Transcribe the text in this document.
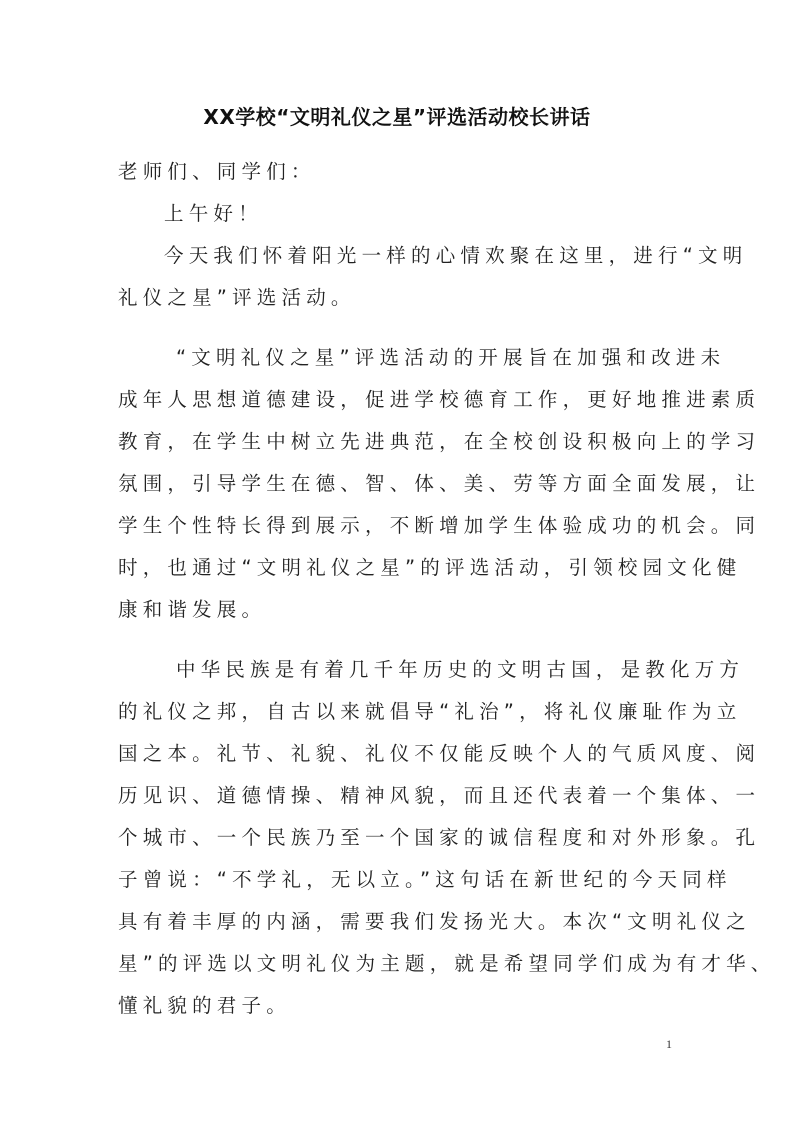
XX学校“文明礼仪之星”评选活动校长讲话
老师们、同学们：
上午好！
今天我们怀着阳光一样的心情欢聚在这里，进行“文明
礼仪之星”评选活动。
“文明礼仪之星”评选活动的开展旨在加强和改进未
成年人思想道德建设，促进学校德育工作，更好地推进素质
教育，在学生中树立先进典范，在全校创设积极向上的学习
氛围，引导学生在德、智、体、美、劳等方面全面发展，让
学生个性特长得到展示，不断增加学生体验成功的机会。同
时，也通过“文明礼仪之星”的评选活动，引领校园文化健
康和谐发展。
中华民族是有着几千年历史的文明古国，是教化万方
的礼仪之邦，自古以来就倡导“礼治”，将礼仪廉耻作为立
国之本。礼节、礼貌、礼仪不仅能反映个人的气质风度、阅
历见识、道德情操、精神风貌，而且还代表着一个集体、一
个城市、一个民族乃至一个国家的诚信程度和对外形象。孔
子曾说：“不学礼，无以立。”这句话在新世纪的今天同样
具有着丰厚的内涵，需要我们发扬光大。本次“文明礼仪之
星”的评选以文明礼仪为主题，就是希望同学们成为有才华、
懂礼貌的君子。
1
